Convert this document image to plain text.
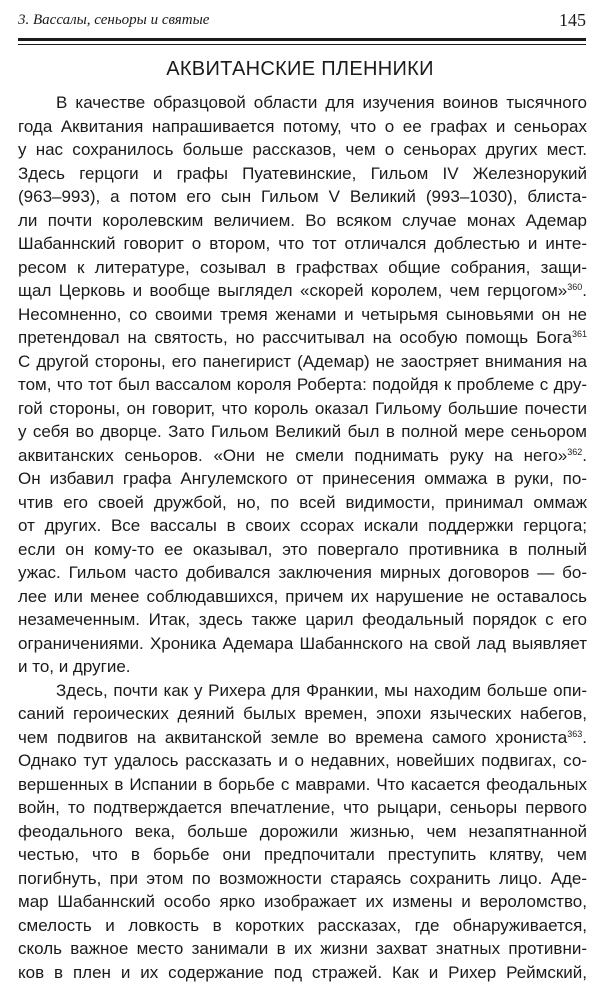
3. Вассалы, сеньоры и святые	145
АКВИТАНСКИЕ ПЛЕННИКИ
В качестве образцовой области для изучения воинов тысячного
года Аквитания напрашивается потому, что о ее графах и сеньорах
у нас сохранилось больше рассказов, чем о сеньорах других мест.
Здесь герцоги и графы Пуатевинские, Гильом IV Железнорукий
(963–993), а потом его сын Гильом V Великий (993–1030), блиста-
ли почти королевским величием. Во всяком случае монах Адемар
Шабаннский говорит о втором, что тот отличался доблестью и инте-
ресом к литературе, созывал в графствах общие собрания, защи-
щал Церковь и вообще выглядел «скорей королем, чем герцогом»$^{360}$.
Несомненно, со своими тремя женами и четырьмя сыновьями он не
претендовал на святость, но рассчитывал на особую помощь Бога$^{361}$
С другой стороны, его панегирист (Адемар) не заостряет внимания на
том, что тот был вассалом короля Роберта: подойдя к проблеме с дру-
гой стороны, он говорит, что король оказал Гильому большие почести
у себя во дворце. Зато Гильом Великий был в полной мере сеньором
аквитанских сеньоров. «Они не смели поднимать руку на него»$^{362}$.
Он избавил графа Ангулемского от принесения оммажа в руки, по-
чтив его своей дружбой, но, по всей видимости, принимал оммаж
от других. Все вассалы в своих ссорах искали поддержки герцога;
если он кому-то ее оказывал, это повергало противника в полный
ужас. Гильом часто добивался заключения мирных договоров — бо-
лее или менее соблюдавшихся, причем их нарушение не оставалось
незамеченным. Итак, здесь также царил феодальный порядок с его
ограничениями. Хроника Адемара Шабаннского на свой лад выявляет
и то, и другие.
Здесь, почти как у Рихера для Франкии, мы находим больше опи-
саний героических деяний былых времен, эпохи языческих набегов,
чем подвигов на аквитанской земле во времена самого хрониста$^{363}$.
Однако тут удалось рассказать и о недавних, новейших подвигах, со-
вершенных в Испании в борьбе с маврами. Что касается феодальных
войн, то подтверждается впечатление, что рыцари, сеньоры первого
феодального века, больше дорожили жизнью, чем незапятнанной
честью, что в борьбе они предпочитали преступить клятву, чем
погибнуть, при этом по возможности стараясь сохранить лицо. Аде-
мар Шабаннский особо ярко изображает их измены и вероломство,
смелость и ловкость в коротких рассказах, где обнаруживается,
сколь важное место занимали в их жизни захват знатных противни-
ков в плен и их содержание под стражей. Как и Рихер Реймский,
